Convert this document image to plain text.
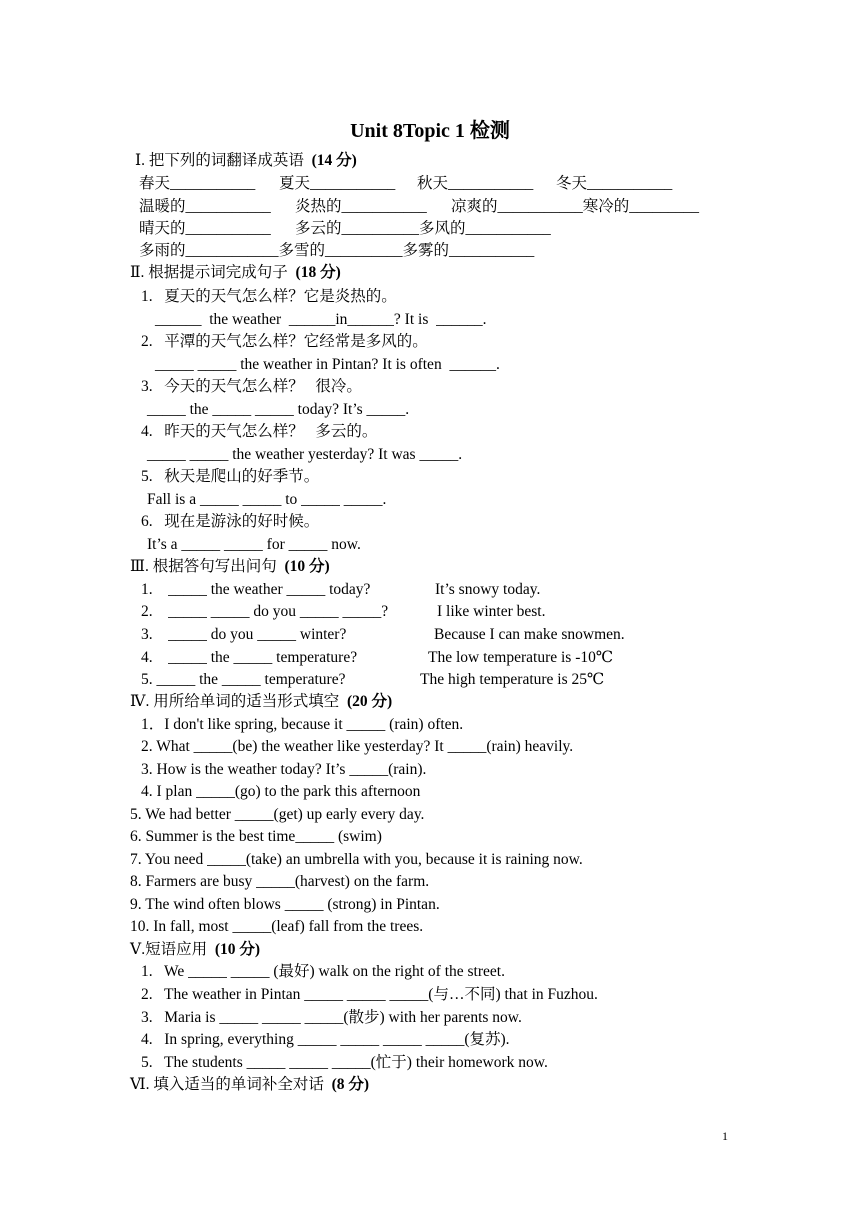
Unit 8Topic 1 检测
Ⅰ. 把下列的词翻译成英语 (14 分)
春天___________ 夏天___________ 秋天___________ 冬天___________
温暖的___________ 炎热的___________ 凉爽的___________寒冷的_________
晴天的___________ 多云的__________多风的___________
多雨的____________多雪的__________多雾的___________
Ⅱ. 根据提示词完成句子 (18 分)
1.   夏天的天气怎么样？它是炎热的。
______  the weather  ______in______? It is  ______.
2.   平潭的天气怎么样？它经常是多风的。
_____ _____ the weather in Pintan? It is often  ______.
3.   今天的天气怎么样？   很冷。
_____ the _____ _____ today? It’s _____.
4.   昨天的天气怎么样？   多云的。
_____ _____ the weather yesterday? It was _____.
5.   秋天是爬山的好季节。
Fall is a _____ _____ to _____ _____.
6.   现在是游泳的好时候。
It’s a _____ _____ for _____ now.
Ⅲ. 根据答句写出问句 (10 分)
1.    _____ the weather _____ today?	It’s snowy today.
2.    _____ _____ do you _____ _____?	I like winter best.
3.    _____ do you _____ winter?	Because I can make snowmen.
4.    _____ the _____ temperature?	The low temperature is -10℃
5. _____ the _____ temperature?	The high temperature is 25℃
Ⅳ. 用所给单词的适当形式填空 (20 分)
1．I don't like spring, because it _____ (rain) often.
2. What _____(be) the weather like yesterday? It _____(rain) heavily.
3. How is the weather today? It’s _____(rain).
4. I plan _____(go) to the park this afternoon
5. We had better _____(get) up early every day.
6. Summer is the best time_____ (swim)
7. You need _____(take) an umbrella with you, because it is raining now.
8. Farmers are busy _____(harvest) on the farm.
9. The wind often blows _____ (strong) in Pintan.
10. In fall, most _____(leaf) fall from the trees.
Ⅴ.短语应用 (10 分)
1.   We _____ _____ (最好) walk on the right of the street.
2.   The weather in Pintan _____ _____ _____(与…不同) that in Fuzhou.
3.   Maria is _____ _____ _____(散步) with her parents now.
4.   In spring, everything _____ _____ _____ _____(复苏).
5.   The students _____ _____ _____(忙于) their homework now.
Ⅵ. 填入适当的单词补全对话 (8 分)
1
